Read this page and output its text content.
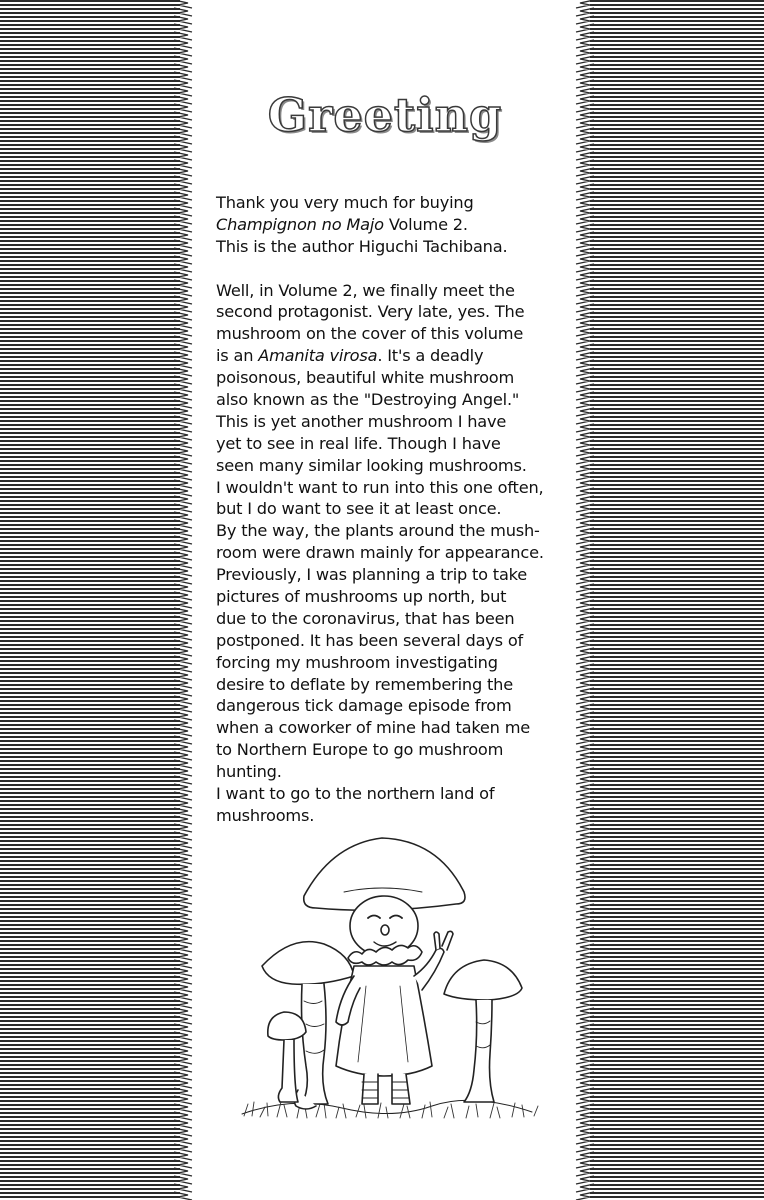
Greeting
Thank you very much for buying
Champignon no Majo Volume 2.
This is the author Higuchi Tachibana.
Well, in Volume 2, we finally meet the
second protagonist. Very late, yes. The
mushroom on the cover of this volume
is an Amanita virosa. It's a deadly
poisonous, beautiful white mushroom
also known as the "Destroying Angel."
This is yet another mushroom I have
yet to see in real life. Though I have
seen many similar looking mushrooms.
I wouldn't want to run into this one often,
but I do want to see it at least once.
By the way, the plants around the mush-
room were drawn mainly for appearance.
Previously, I was planning a trip to take
pictures of mushrooms up north, but
due to the coronavirus, that has been
postponed. It has been several days of
forcing my mushroom investigating
desire to deflate by remembering the
dangerous tick damage episode from
when a coworker of mine had taken me
to Northern Europe to go mushroom
hunting.
I want to go to the northern land of
mushrooms.
